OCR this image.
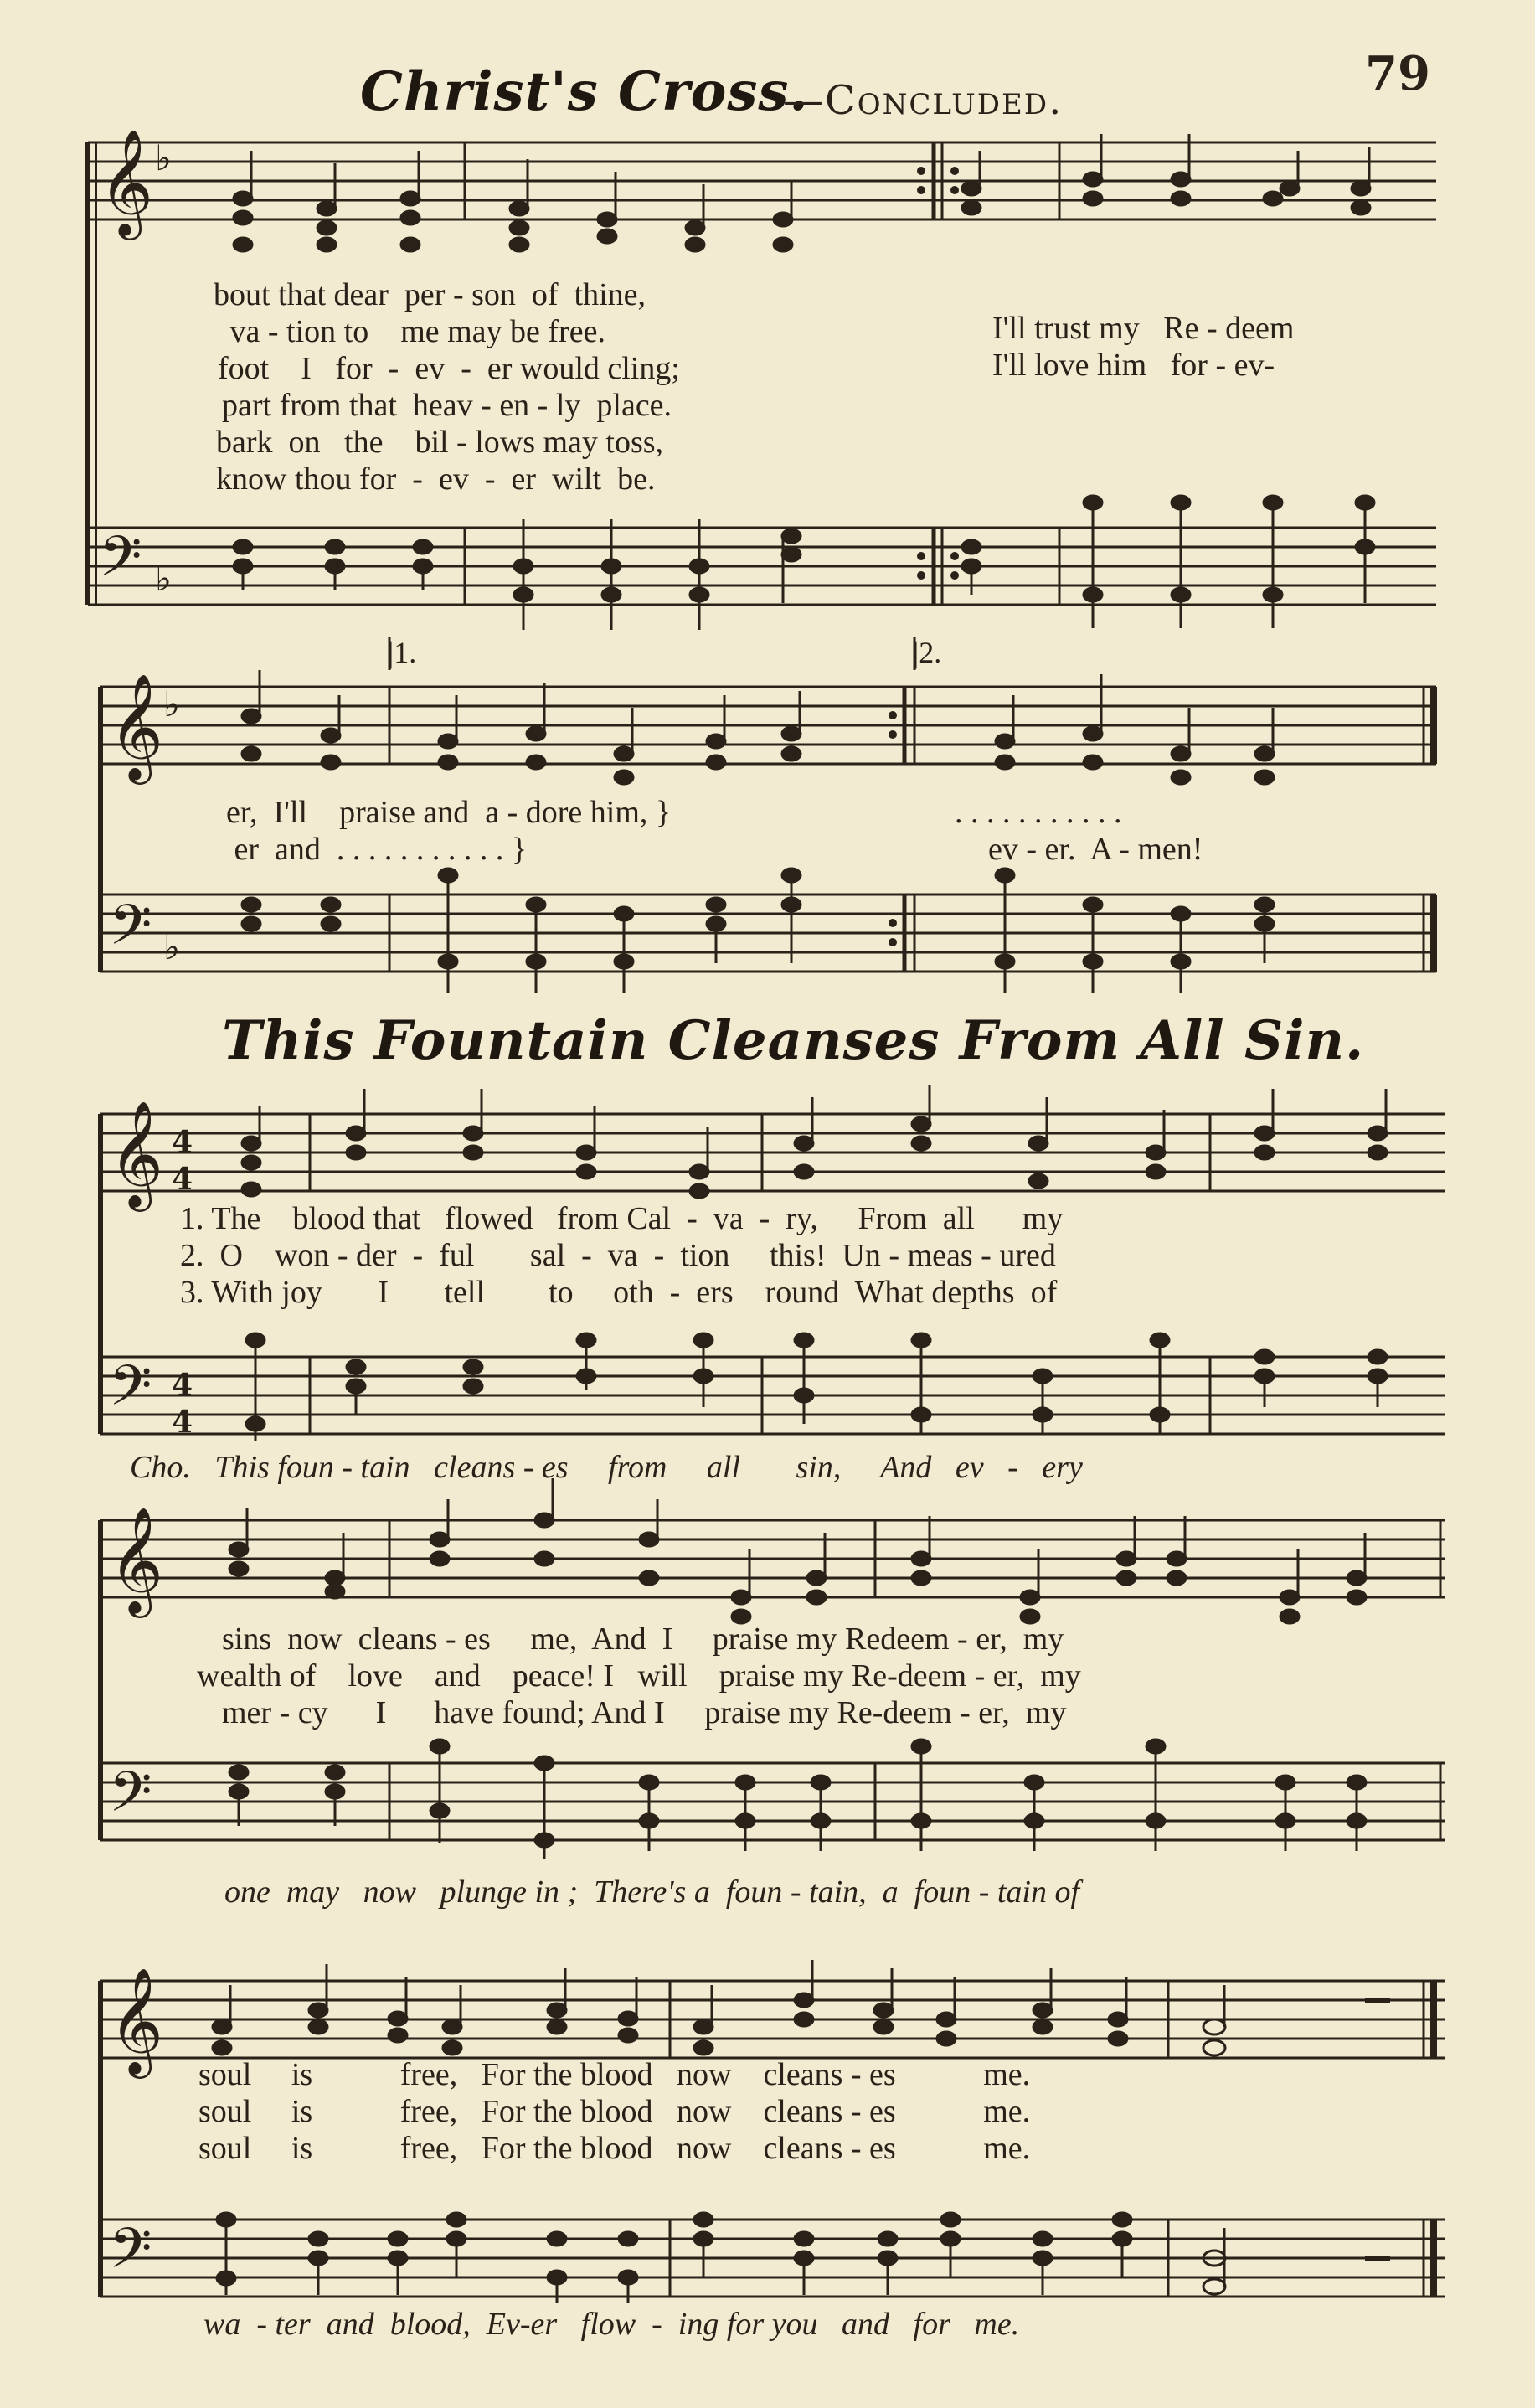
Christ's Cross.
—Concluded.	79
𝄞
𝄢
♭
♭
bout that dear  per - son  of  thine,
va - tion to    me may be free.
foot    I   for  -  ev  -  er would cling;
part from that  heav - en - ly  place.
bark  on   the    bil - lows may toss,
know thou for  -  ev  -  er  wilt  be.
I'll trust my   Re - deem
I'll love him   for - ev-
𝄞
𝄢
♭
♭
|1.	|2.
er,  I'll    praise and  a - dore him, }
er  and  . . . . . . . . . . . }
. . . . . . . . . . .
ev - er.  A - men!
This Fountain Cleanses From All Sin.
𝄞
𝄢
4
4
4
4
1. The    blood that   flowed   from Cal  -  va  -  ry,     From  all      my
2.  O    won - der  -  ful       sal  -  va  -  tion     this!  Un - meas - ured
3. With joy       I       tell        to     oth  -  ers    round  What depths  of
Cho.   This foun - tain   cleans - es     from     all       sin,     And   ev   -   ery
𝄞
𝄢
sins  now  cleans - es     me,  And  I     praise my Redeem - er,  my
wealth of    love    and    peace! I   will    praise my Re-deem - er,  my
mer - cy      I      have found; And I     praise my Re-deem - er,  my
one  may   now   plunge in ;  There's a  foun - tain,  a  foun - tain of
𝄞
𝄢
soul     is           free,   For the blood   now    cleans - es           me.
soul     is           free,   For the blood   now    cleans - es           me.
soul     is           free,   For the blood   now    cleans - es           me.
wa  - ter  and  blood,  Ev-er   flow  -  ing for you   and   for   me.
